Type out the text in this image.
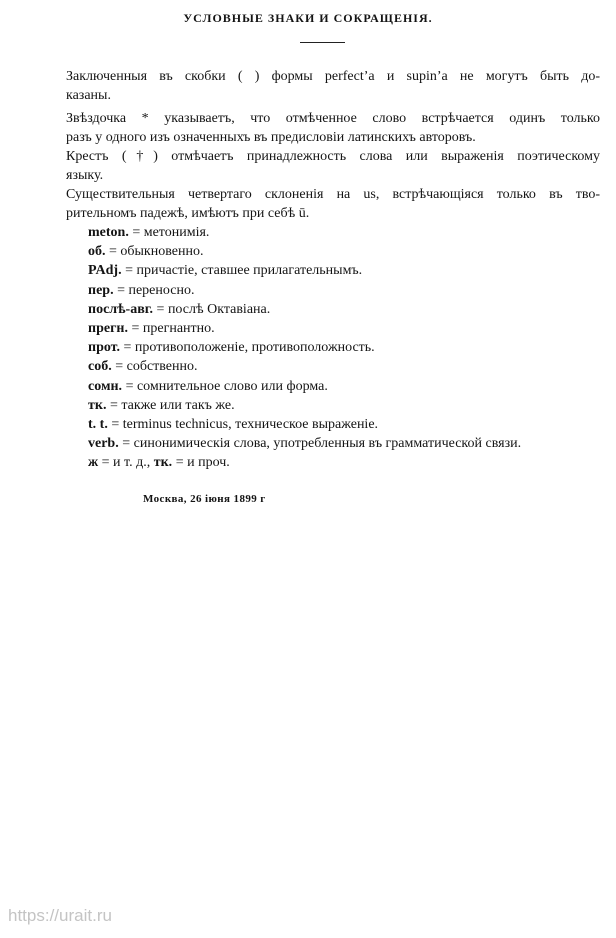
УСЛОВНЫЕ ЗНАКИ И СОКРАЩЕНІЯ.
Заключенныя въ скобки ( ) формы perfect’a и supin’a не могутъ быть до-
казаны.
Звѣздочка * указываетъ, что отмѣченное слово встрѣчается одинъ только
разъ у одного изъ означенныхъ въ предисловіи латинскихъ авторовъ.
Крестъ (†) отмѣчаетъ принадлежность слова или выраженія поэтическому
языку.
Существительныя четвертаго склоненія на us, встрѣчающіяся только въ тво-
рительномъ падежѣ, имѣютъ при себѣ ū.
meton. = метонимія.
об. = обыкновенно.
PAdj. = причастіе, ставшее прилагательнымъ.
пер. = переносно.
послѣ-авг. = послѣ Октавіана.
прегн. = прегнантно.
прот. = противоположеніе, противоположность.
соб. = собственно.
сомн. = сомнительное слово или форма.
тк. = также или такъ же.
t. t. = terminus technicus, техническое выраженіе.
verb. = синонимическія слова, употребленныя въ грамматической связи.
ж = и т. д., тк. = и проч.
Москва, 26 іюня 1899 г
https://urait.ru
